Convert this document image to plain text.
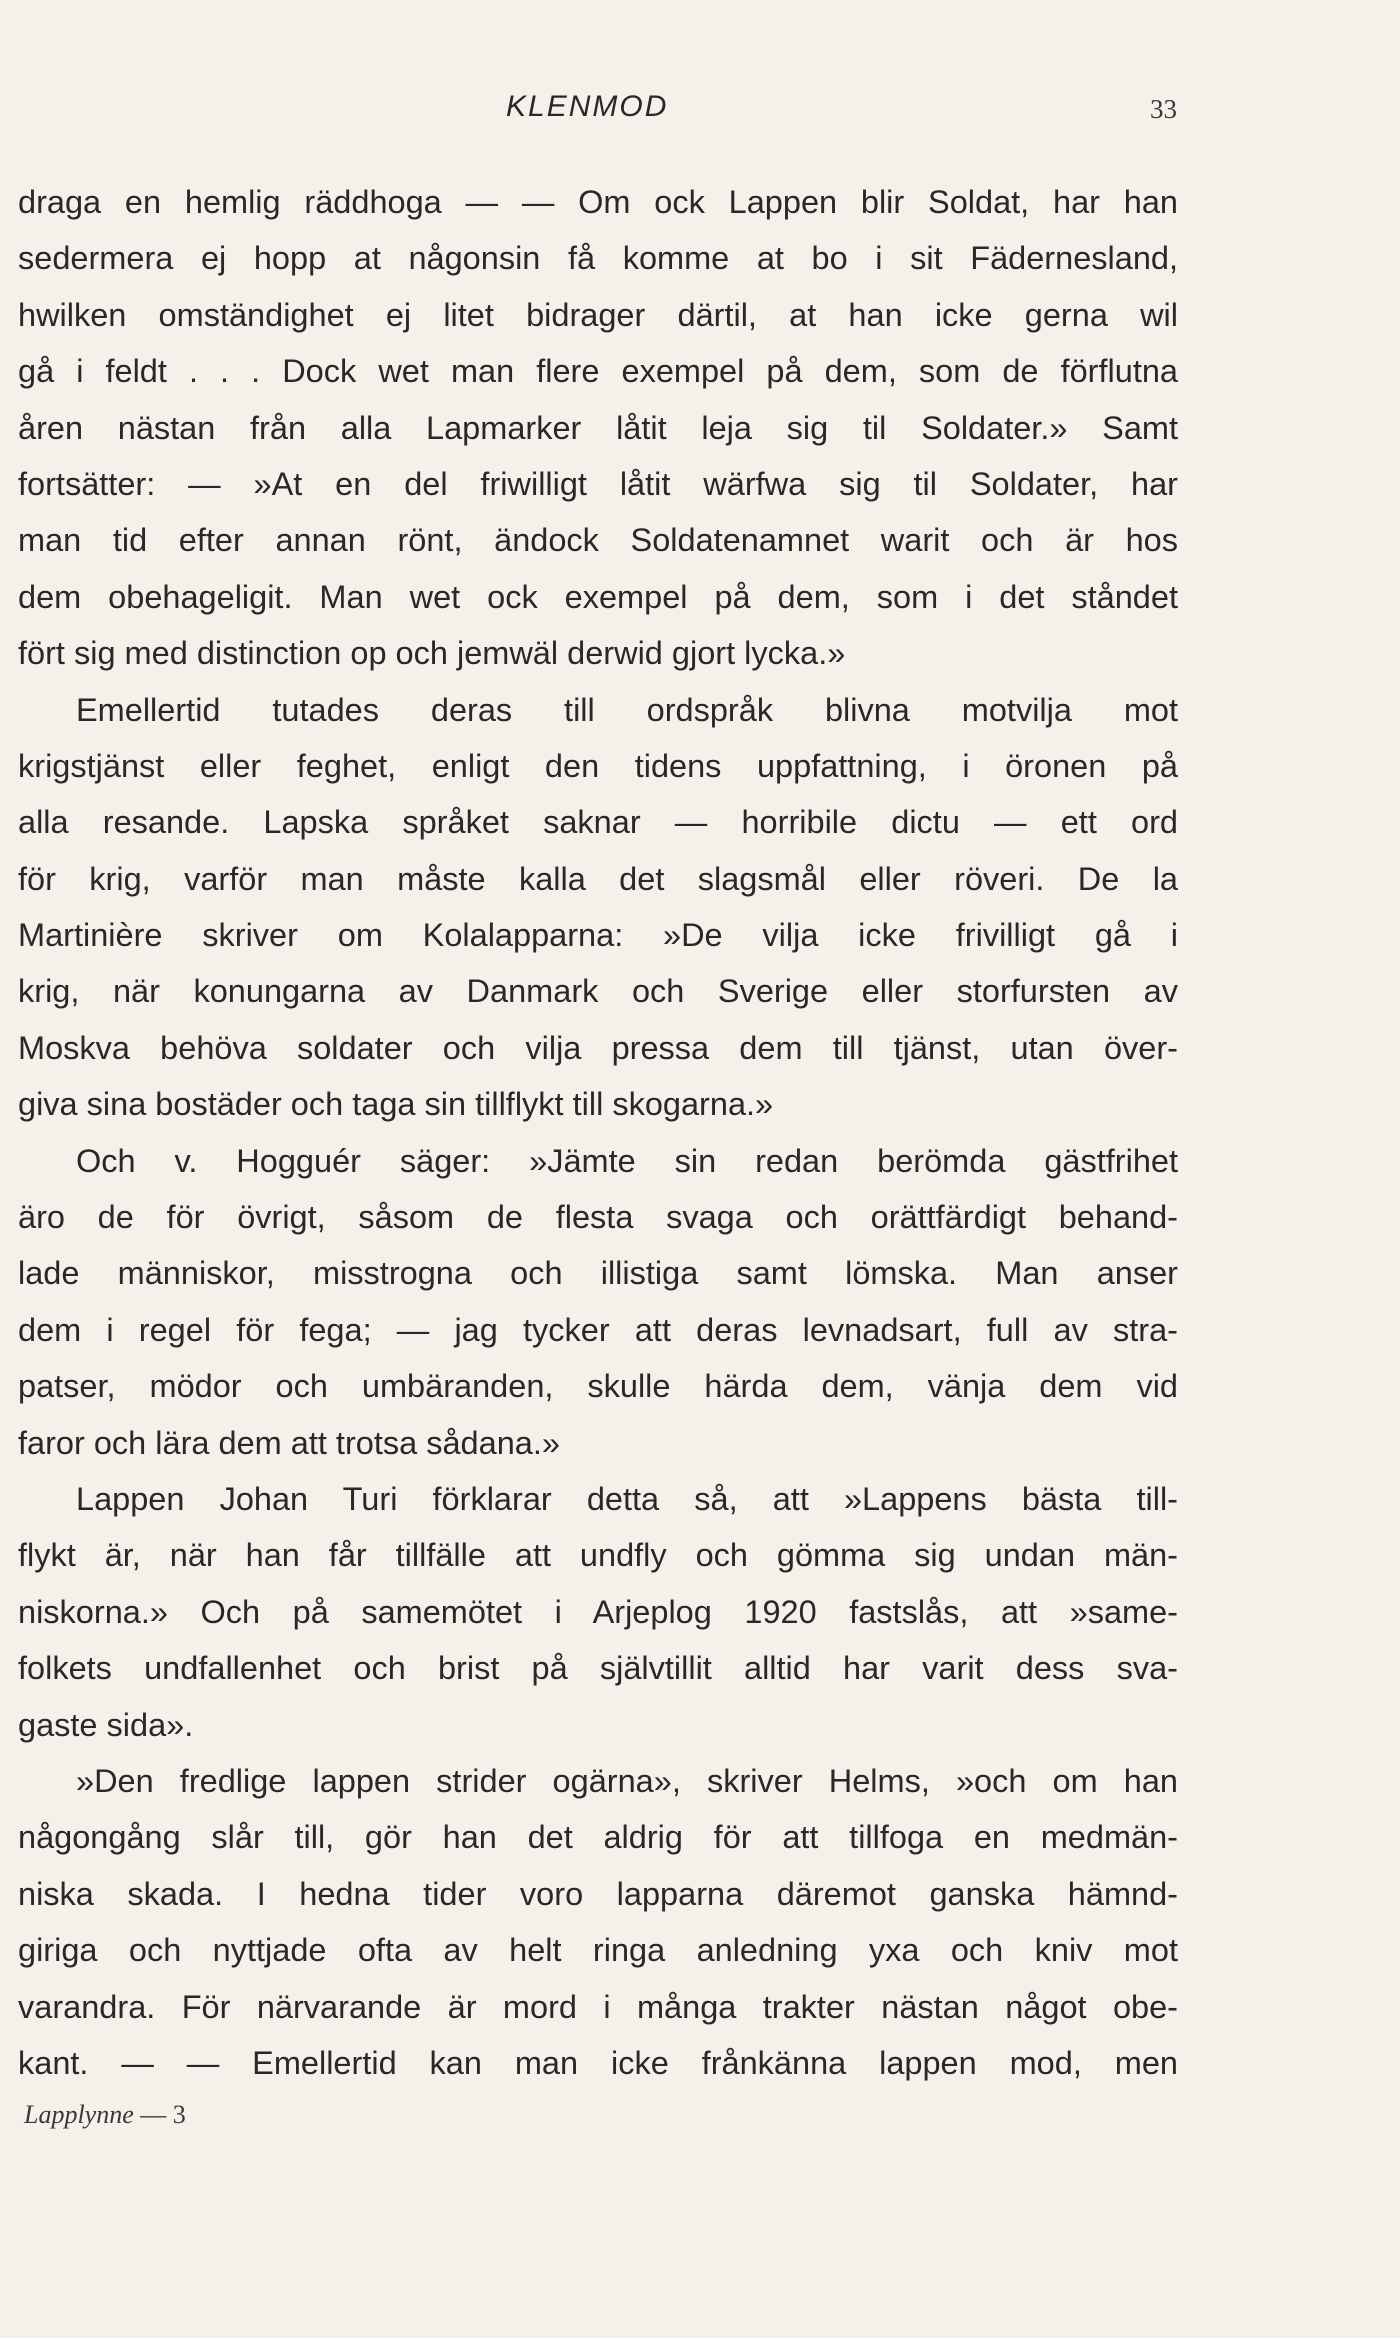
KLENMOD	33
draga en hemlig räddhoga — — Om ock Lappen blir Soldat, har han
sedermera ej hopp at någonsin få komme at bo i sit Fädernesland,
hwilken omständighet ej litet bidrager därtil, at han icke gerna wil
gå i feldt . . . Dock wet man flere exempel på dem, som de förflutna
åren nästan från alla Lapmarker låtit leja sig til Soldater.» Samt
fortsätter: — »At en del friwilligt låtit wärfwa sig til Soldater, har
man tid efter annan rönt, ändock Soldatenamnet warit och är hos
dem obehageligit. Man wet ock exempel på dem, som i det ståndet
fört sig med distinction op och jemwäl derwid gjort lycka.»
Emellertid tutades deras till ordspråk blivna motvilja mot
krigstjänst eller feghet, enligt den tidens uppfattning, i öronen på
alla resande. Lapska språket saknar — horribile dictu — ett ord
för krig, varför man måste kalla det slagsmål eller röveri. De la
Martinière skriver om Kolalapparna: »De vilja icke frivilligt gå i
krig, när konungarna av Danmark och Sverige eller storfursten av
Moskva behöva soldater och vilja pressa dem till tjänst, utan över-
giva sina bostäder och taga sin tillflykt till skogarna.»
Och v. Hogguér säger: »Jämte sin redan berömda gästfrihet
äro de för övrigt, såsom de flesta svaga och orättfärdigt behand-
lade människor, misstrogna och illistiga samt lömska. Man anser
dem i regel för fega; — jag tycker att deras levnadsart, full av stra-
patser, mödor och umbäranden, skulle härda dem, vänja dem vid
faror och lära dem att trotsa sådana.»
Lappen Johan Turi förklarar detta så, att »Lappens bästa till-
flykt är, när han får tillfälle att undfly och gömma sig undan män-
niskorna.» Och på samemötet i Arjeplog 1920 fastslås, att »same-
folkets undfallenhet och brist på självtillit alltid har varit dess sva-
gaste sida».
»Den fredlige lappen strider ogärna», skriver Helms, »och om han
någongång slår till, gör han det aldrig för att tillfoga en medmän-
niska skada. I hedna tider voro lapparna däremot ganska hämnd-
giriga och nyttjade ofta av helt ringa anledning yxa och kniv mot
varandra. För närvarande är mord i många trakter nästan något obe-
kant. — — Emellertid kan man icke frånkänna lappen mod, men
Lapplynne — 3
